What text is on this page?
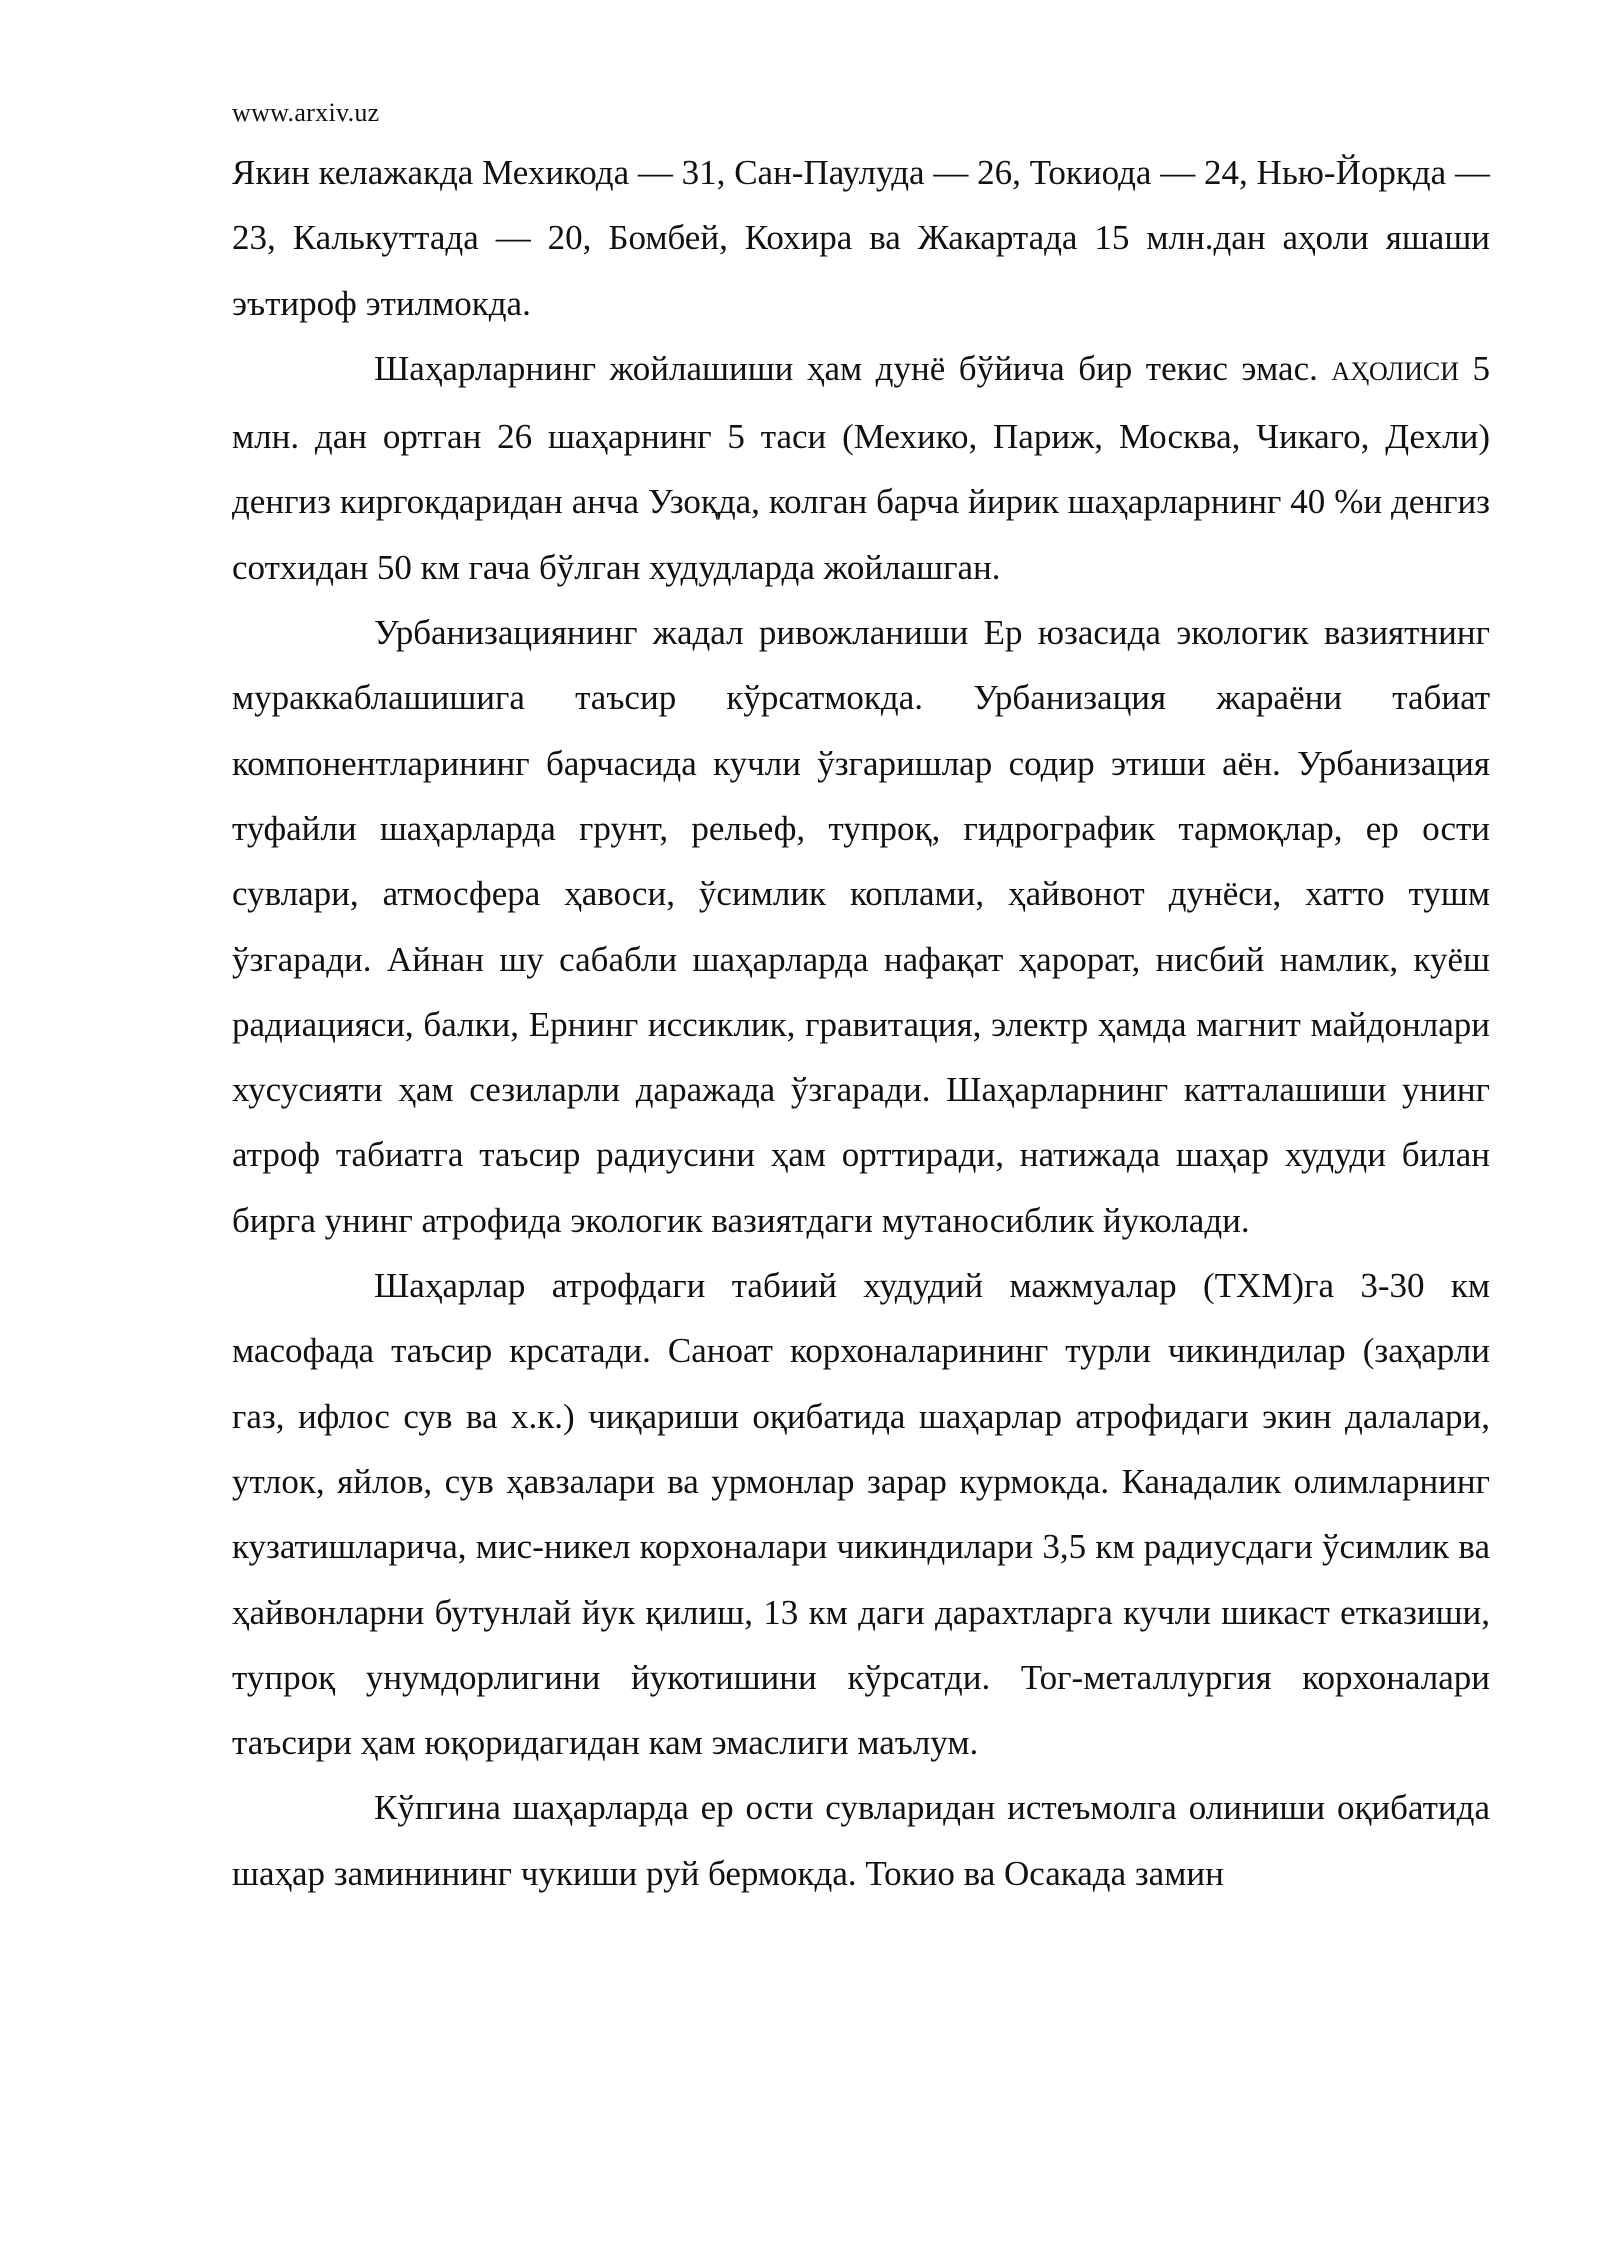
www.arxiv.uz

Якин келажакда Мехикода — 31, Сан-Паулуда — 26, Токиода — 24, Нью-Йоркда — 23, Калькуттада — 20, Бомбей, Кохира ва Жакартада 15 млн.дан аҳоли яшаши эътироф этилмокда.

Шаҳарларнинг жойлашиши ҳам дунё бўйича бир текис эмас. АҲОЛИСИ 5 млн. дан ортган 26 шаҳарнинг 5 таси (Мехико, Париж, Москва, Чикаго, Дехли) денгиз киргокдаридан анча Узоқда, колган барча йирик шаҳарларнинг 40 %и денгиз сотхидан 50 км гача бўлган худудларда жойлашган.

Урбанизациянинг жадал ривожланиши Ер юзасида экологик вазиятнинг мураккаблашишига таъсир кўрсатмокда. Урбанизация жараёни табиат компонентларининг барчасида кучли ўзгаришлар содир этиши аён. Урбанизация туфайли шаҳарларда грунт, рельеф, тупроқ, гидрографик тармоқлар, ер ости сувлари, атмосфера ҳавоси, ўсимлик коплами, ҳайвонот дунёси, хатто тушм ўзгаради. Айнан шу сабабли шаҳарларда нафақат ҳарорат, нисбий намлик, куёш радиацияси, балки, Ернинг иссиклик, гравитация, электр ҳамда магнит майдонлари хусусияти ҳам сезиларли даражада ўзгаради. Шаҳарларнинг катталашиши унинг атроф табиатга таъсир радиусини ҳам орттиради, натижада шаҳар худуди билан бирга унинг атрофида экологик вазиятдаги мутаносиблик йуколади.

Шаҳарлар атрофдаги табиий худудий мажмуалар (ТХМ)га 3-30 км масофада таъсир крсатади. Саноат корхоналарининг турли чикиндилар (заҳарли газ, ифлос сув ва х.к.) чиқариши оқибатида шаҳарлар атрофидаги экин далалари, утлок, яйлов, сув ҳавзалари ва урмонлар зарар курмокда. Канадалик олимларнинг кузатишларича, мис-никел корхоналари чикиндилари 3,5 км радиусдаги ўсимлик ва ҳайвонларни бутунлай йук қилиш, 13 км даги дарахтларга кучли шикаст етказиши, тупроқ унумдорлигини йукотишини кўрсатди. Тог-металлургия корхоналари таъсири ҳам юқоридагидан кам эмаслиги маълум.

Кўпгина шаҳарларда ер ости сувларидан истеъмолга олиниши оқибатида шаҳар заминининг чукиши руй бермокда. Токио ва Осакада замин
